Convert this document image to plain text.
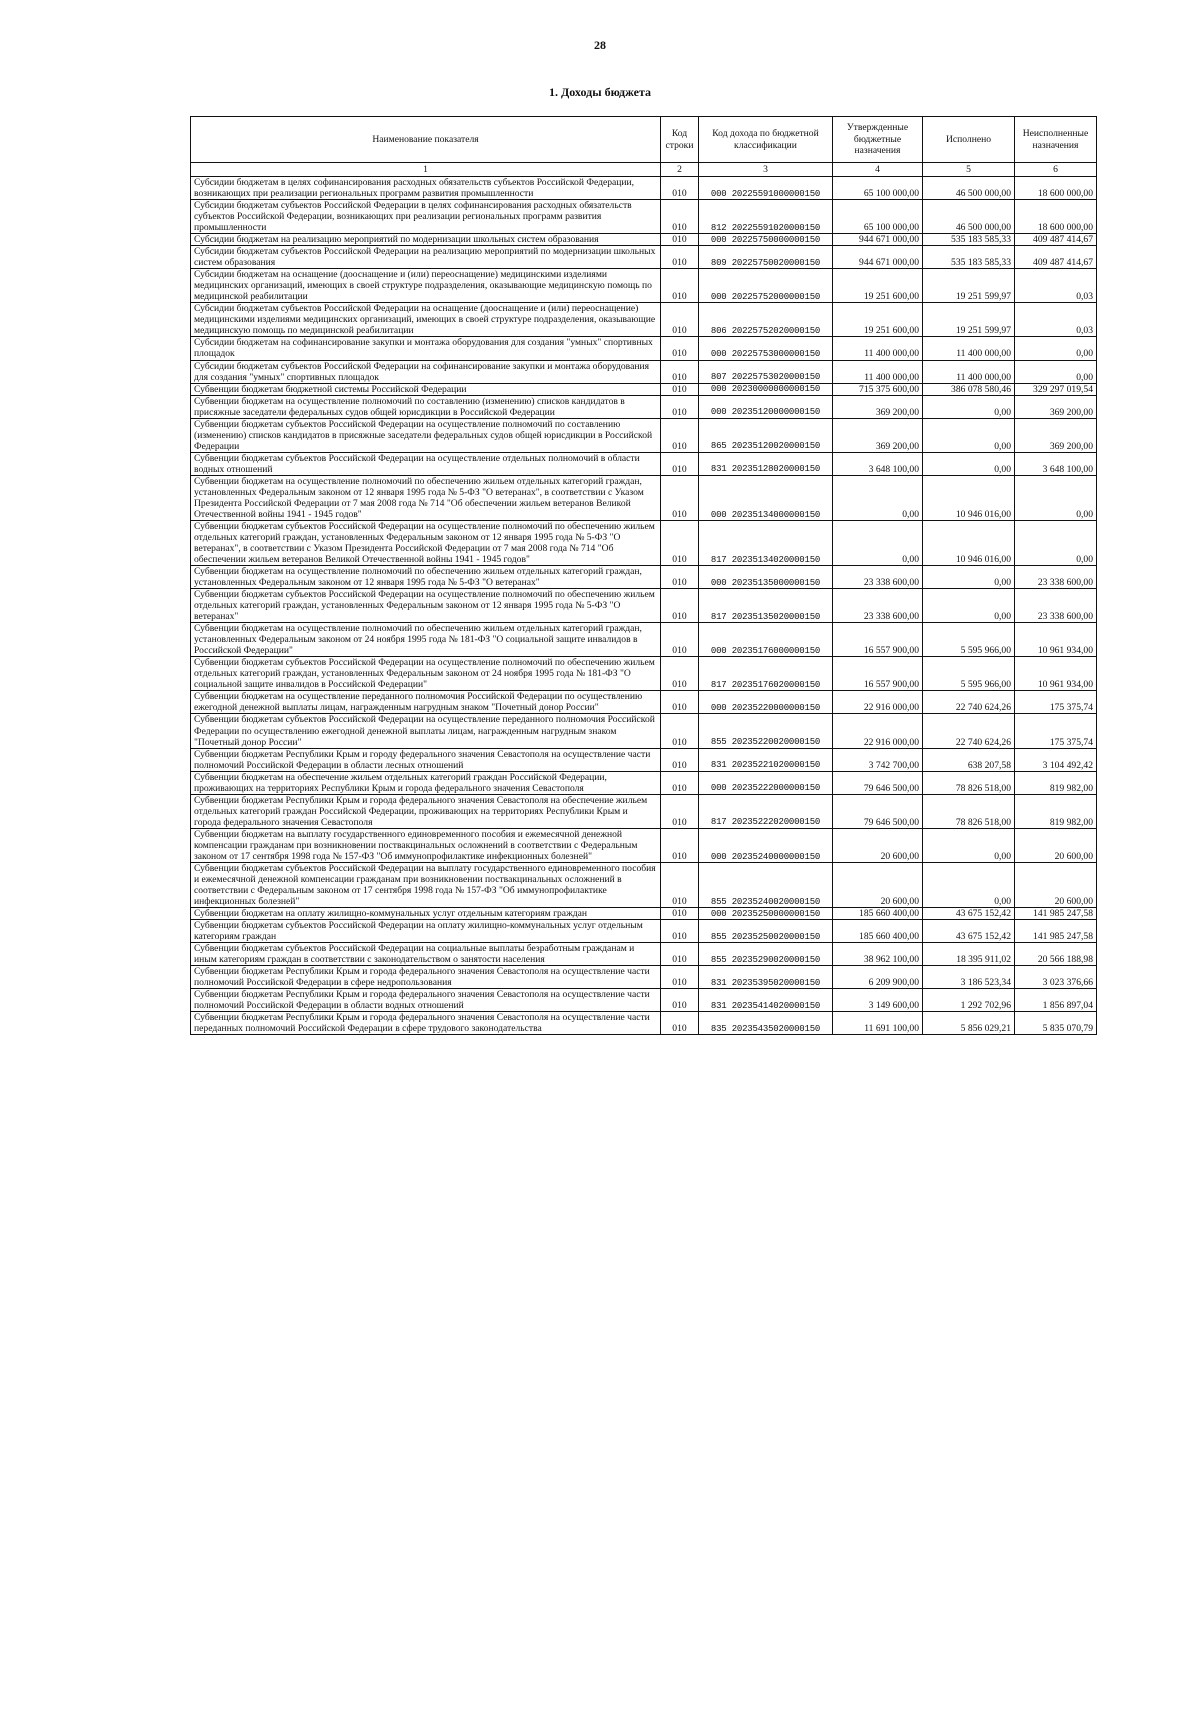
28
1. Доходы бюджета
Наименование показателя	Код строки	Код дохода по бюджетной классификации	Утвержденные бюджетные назначения	Исполнено	Неисполненные назначения
1	2	3	4	5	6
Субсидии бюджетам в целях софинансирования расходных обязательств субъектов Российской Федерации, возникающих при реализации региональных программ развития промышленности	010	000 20225591000000150	65 100 000,00	46 500 000,00	18 600 000,00
Субсидии бюджетам субъектов Российской Федерации в целях софинансирования расходных обязательств субъектов Российской Федерации, возникающих при реализации региональных программ развития промышленности	010	812 20225591020000150	65 100 000,00	46 500 000,00	18 600 000,00
Субсидии бюджетам на реализацию мероприятий по модернизации школьных систем образования	010	000 20225750000000150	944 671 000,00	535 183 585,33	409 487 414,67
Субсидии бюджетам субъектов Российской Федерации на реализацию мероприятий по модернизации школьных систем образования	010	809 20225750020000150	944 671 000,00	535 183 585,33	409 487 414,67
Субсидии бюджетам на оснащение (дооснащение и (или) переоснащение) медицинскими изделиями медицинских организаций, имеющих в своей структуре подразделения, оказывающие медицинскую помощь по медицинской реабилитации	010	000 20225752000000150	19 251 600,00	19 251 599,97	0,03
Субсидии бюджетам субъектов Российской Федерации на оснащение (дооснащение и (или) переоснащение) медицинскими изделиями медицинских организаций, имеющих в своей структуре подразделения, оказывающие медицинскую помощь по медицинской реабилитации	010	806 20225752020000150	19 251 600,00	19 251 599,97	0,03
Субсидии бюджетам на софинансирование закупки и монтажа оборудования для создания "умных" спортивных площадок	010	000 20225753000000150	11 400 000,00	11 400 000,00	0,00
Субсидии бюджетам субъектов Российской Федерации на софинансирование закупки и монтажа оборудования для создания "умных" спортивных площадок	010	807 20225753020000150	11 400 000,00	11 400 000,00	0,00
Субвенции бюджетам бюджетной системы Российской Федерации	010	000 20230000000000150	715 375 600,00	386 078 580,46	329 297 019,54
Субвенции бюджетам на осуществление полномочий по составлению (изменению) списков кандидатов в присяжные заседатели федеральных судов общей юрисдикции в Российской Федерации	010	000 20235120000000150	369 200,00	0,00	369 200,00
Субвенции бюджетам субъектов Российской Федерации на осуществление полномочий по составлению (изменению) списков кандидатов в присяжные заседатели федеральных судов общей юрисдикции в Российской Федерации	010	865 20235120020000150	369 200,00	0,00	369 200,00
Субвенции бюджетам субъектов Российской Федерации на осуществление отдельных полномочий в области водных отношений	010	831 20235128020000150	3 648 100,00	0,00	3 648 100,00
Субвенции бюджетам на осуществление полномочий по обеспечению жильем отдельных категорий граждан, установленных Федеральным законом от 12 января 1995 года № 5-ФЗ "О ветеранах", в соответствии с Указом Президента Российской Федерации от 7 мая 2008 года № 714 "Об обеспечении жильем ветеранов Великой Отечественной войны 1941 - 1945 годов"	010	000 20235134000000150	0,00	10 946 016,00	0,00
Субвенции бюджетам субъектов Российской Федерации на осуществление полномочий по обеспечению жильем отдельных категорий граждан, установленных Федеральным законом от 12 января 1995 года № 5-ФЗ "О ветеранах", в соответствии с Указом Президента Российской Федерации от 7 мая 2008 года № 714 "Об обеспечении жильем ветеранов Великой Отечественной войны 1941 - 1945 годов"	010	817 20235134020000150	0,00	10 946 016,00	0,00
Субвенции бюджетам на осуществление полномочий по обеспечению жильем отдельных категорий граждан, установленных Федеральным законом от 12 января 1995 года № 5-ФЗ "О ветеранах"	010	000 20235135000000150	23 338 600,00	0,00	23 338 600,00
Субвенции бюджетам субъектов Российской Федерации на осуществление полномочий по обеспечению жильем отдельных категорий граждан, установленных Федеральным законом от 12 января 1995 года № 5-ФЗ "О ветеранах"	010	817 20235135020000150	23 338 600,00	0,00	23 338 600,00
Субвенции бюджетам на осуществление полномочий по обеспечению жильем отдельных категорий граждан, установленных Федеральным законом от 24 ноября 1995 года № 181-ФЗ "О социальной защите инвалидов в Российской Федерации"	010	000 20235176000000150	16 557 900,00	5 595 966,00	10 961 934,00
Субвенции бюджетам субъектов Российской Федерации на осуществление полномочий по обеспечению жильем отдельных категорий граждан, установленных Федеральным законом от 24 ноября 1995 года № 181-ФЗ "О социальной защите инвалидов в Российской Федерации"	010	817 20235176020000150	16 557 900,00	5 595 966,00	10 961 934,00
Субвенции бюджетам на осуществление переданного полномочия Российской Федерации по осуществлению ежегодной денежной выплаты лицам, награжденным нагрудным знаком "Почетный донор России"	010	000 20235220000000150	22 916 000,00	22 740 624,26	175 375,74
Субвенции бюджетам субъектов Российской Федерации на осуществление переданного полномочия Российской Федерации по осуществлению ежегодной денежной выплаты лицам, награжденным нагрудным знаком "Почетный донор России"	010	855 20235220020000150	22 916 000,00	22 740 624,26	175 375,74
Субвенции бюджетам Республики Крым и городу федерального значения Севастополя на осуществление части полномочий Российской Федерации в области лесных отношений	010	831 20235221020000150	3 742 700,00	638 207,58	3 104 492,42
Субвенции бюджетам на обеспечение жильем отдельных категорий граждан Российской Федерации, проживающих на территориях Республики Крым и города федерального значения Севастополя	010	000 20235222000000150	79 646 500,00	78 826 518,00	819 982,00
Субвенции бюджетам Республики Крым и города федерального значения Севастополя на обеспечение жильем отдельных категорий граждан Российской Федерации, проживающих на территориях Республики Крым и города федерального значения Севастополя	010	817 20235222020000150	79 646 500,00	78 826 518,00	819 982,00
Субвенции бюджетам на выплату государственного единовременного пособия и ежемесячной денежной компенсации гражданам при возникновении поствакцинальных осложнений в соответствии с Федеральным законом от 17 сентября 1998 года № 157-ФЗ "Об иммунопрофилактике инфекционных болезней"	010	000 20235240000000150	20 600,00	0,00	20 600,00
Субвенции бюджетам субъектов Российской Федерации на выплату государственного единовременного пособия и ежемесячной денежной компенсации гражданам при возникновении поствакцинальных осложнений в соответствии с Федеральным законом от 17 сентября 1998 года № 157-ФЗ "Об иммунопрофилактике инфекционных болезней"	010	855 20235240020000150	20 600,00	0,00	20 600,00
Субвенции бюджетам на оплату жилищно-коммунальных услуг отдельным категориям граждан	010	000 20235250000000150	185 660 400,00	43 675 152,42	141 985 247,58
Субвенции бюджетам субъектов Российской Федерации на оплату жилищно-коммунальных услуг отдельным категориям граждан	010	855 20235250020000150	185 660 400,00	43 675 152,42	141 985 247,58
Субвенции бюджетам субъектов Российской Федерации на социальные выплаты безработным гражданам и иным категориям граждан в соответствии с законодательством о занятости населения	010	855 20235290020000150	38 962 100,00	18 395 911,02	20 566 188,98
Субвенции бюджетам Республики Крым и города федерального значения Севастополя на осуществление части полномочий Российской Федерации в сфере недропользования	010	831 20235395020000150	6 209 900,00	3 186 523,34	3 023 376,66
Субвенции бюджетам Республики Крым и города федерального значения Севастополя на осуществление части полномочий Российской Федерации в области водных отношений	010	831 20235414020000150	3 149 600,00	1 292 702,96	1 856 897,04
Субвенции бюджетам Республики Крым и города федерального значения Севастополя на осуществление части переданных полномочий Российской Федерации в сфере трудового законодательства	010	835 20235435020000150	11 691 100,00	5 856 029,21	5 835 070,79
